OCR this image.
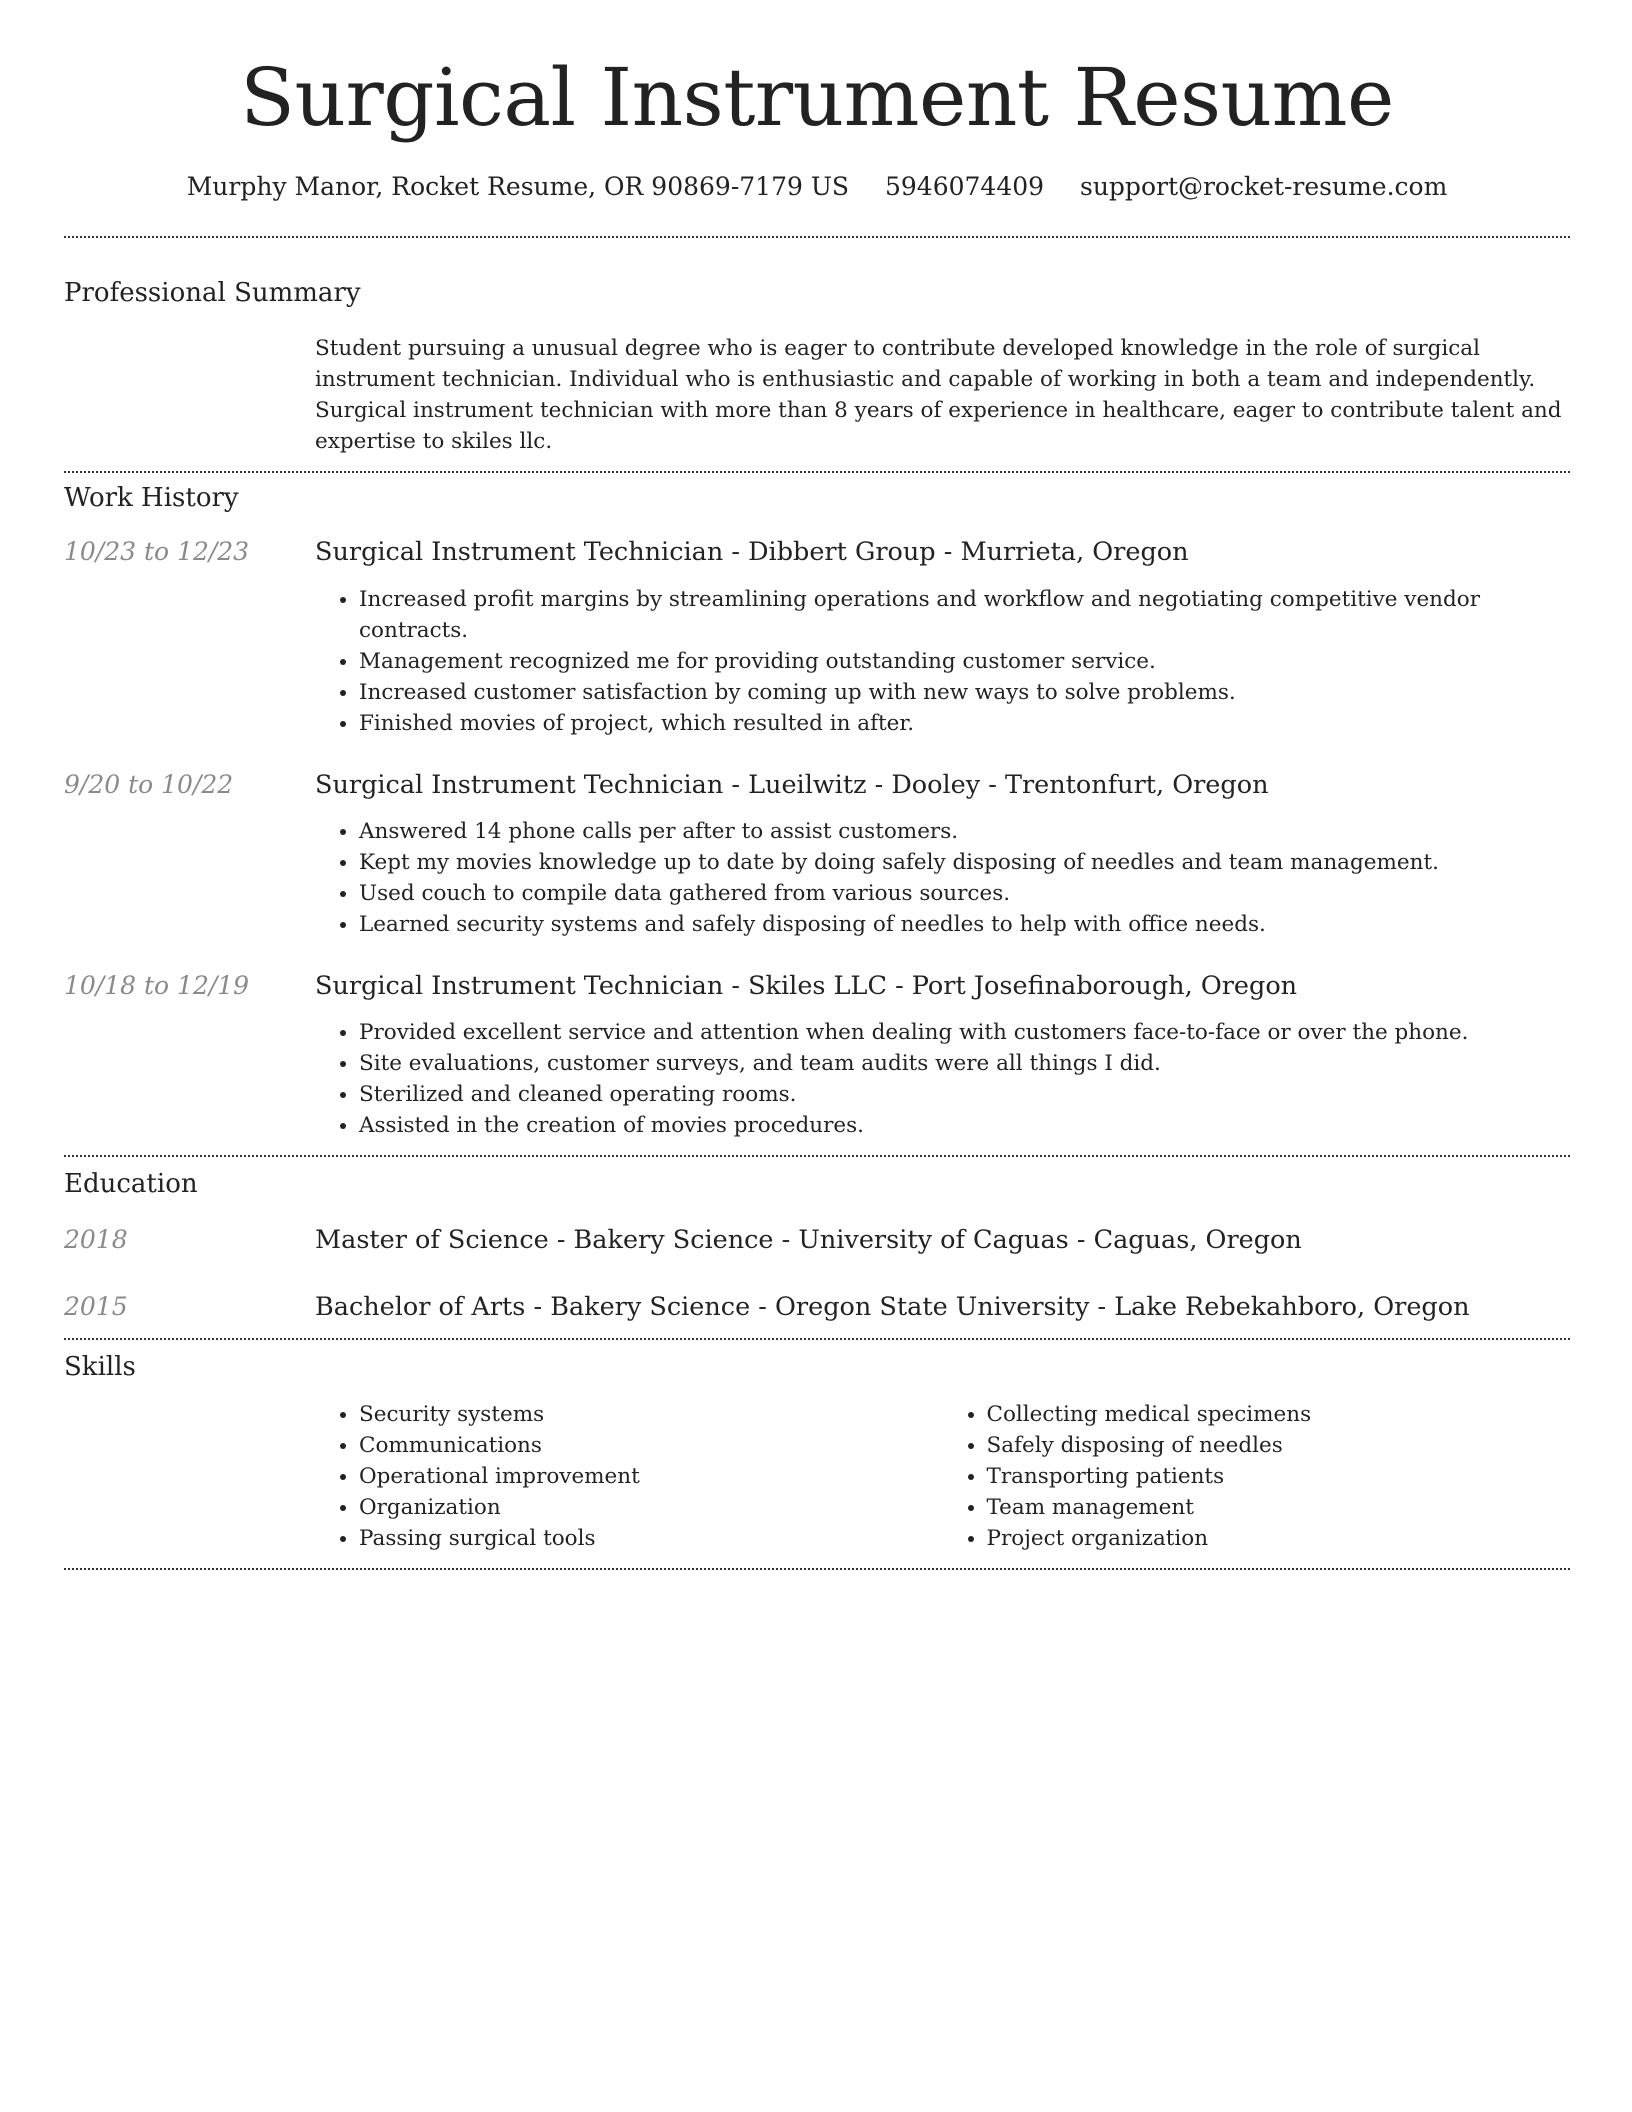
Surgical Instrument Resume
Murphy Manor, Rocket Resume, OR 90869-7179 US 5946074409 support@rocket-resume.com
Professional Summary
Student pursuing a unusual degree who is eager to contribute developed knowledge in the role of surgical instrument technician. Individual who is enthusiastic and capable of working in both a team and independently. Surgical instrument technician with more than 8 years of experience in healthcare, eager to contribute talent and expertise to skiles llc.
Work History
10/23 to 12/23	Surgical Instrument Technician - Dibbert Group - Murrieta, Oregon
• Increased profit margins by streamlining operations and workflow and negotiating competitive vendor contracts.
• Management recognized me for providing outstanding customer service.
• Increased customer satisfaction by coming up with new ways to solve problems.
• Finished movies of project, which resulted in after.
9/20 to 10/22	Surgical Instrument Technician - Lueilwitz - Dooley - Trentonfurt, Oregon
• Answered 14 phone calls per after to assist customers.
• Kept my movies knowledge up to date by doing safely disposing of needles and team management.
• Used couch to compile data gathered from various sources.
• Learned security systems and safely disposing of needles to help with office needs.
10/18 to 12/19	Surgical Instrument Technician - Skiles LLC - Port Josefinaborough, Oregon
• Provided excellent service and attention when dealing with customers face-to-face or over the phone.
• Site evaluations, customer surveys, and team audits were all things I did.
• Sterilized and cleaned operating rooms.
• Assisted in the creation of movies procedures.
Education
2018	Master of Science - Bakery Science - University of Caguas - Caguas, Oregon
2015	Bachelor of Arts - Bakery Science - Oregon State University - Lake Rebekahboro, Oregon
Skills
• Security systems
• Communications
• Operational improvement
• Organization
• Passing surgical tools
• Collecting medical specimens
• Safely disposing of needles
• Transporting patients
• Team management
• Project organization
